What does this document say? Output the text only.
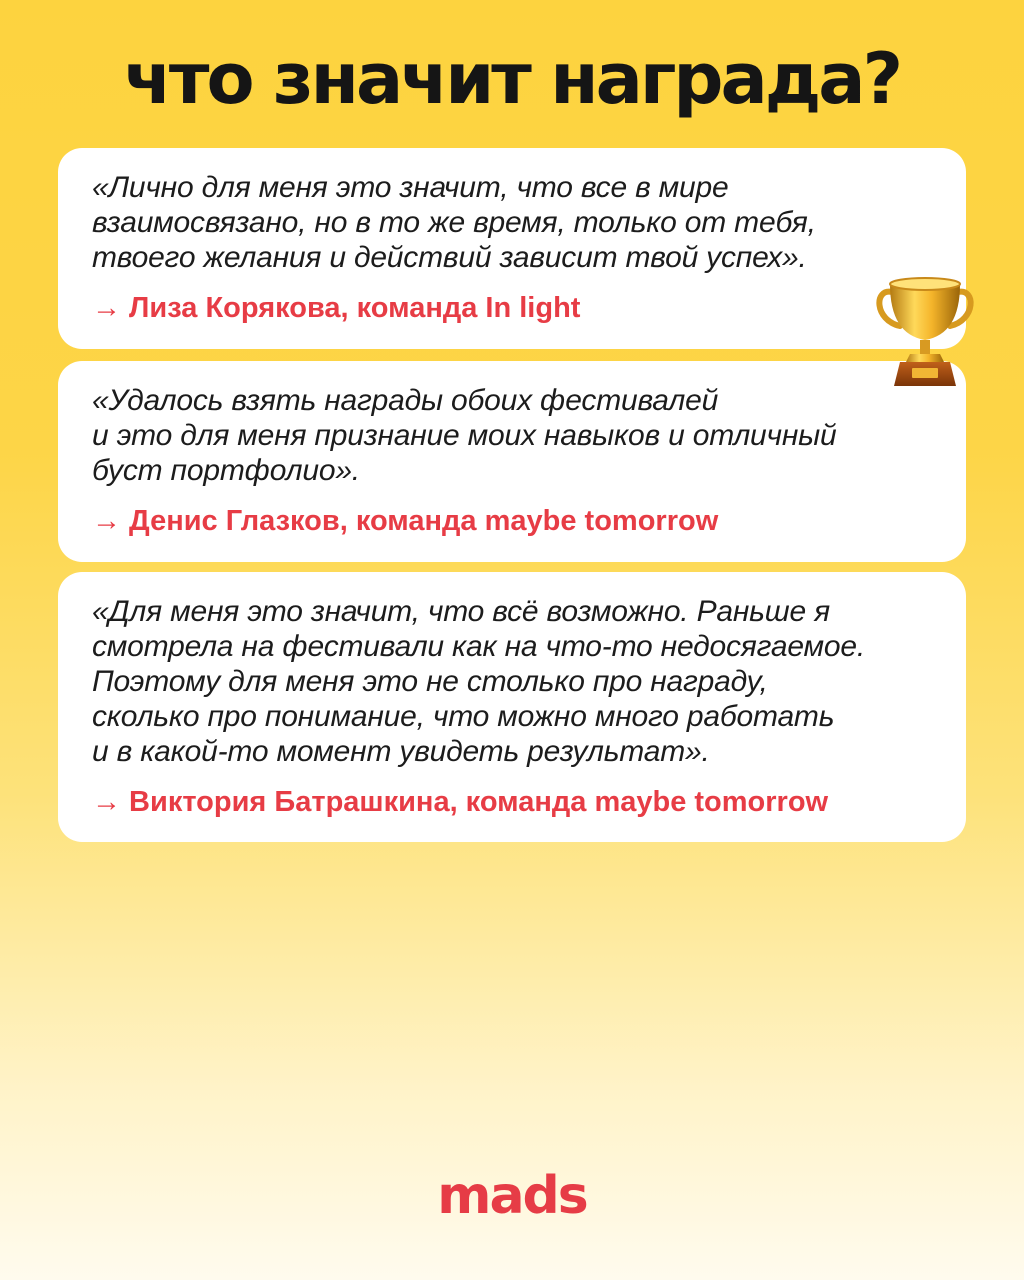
что значит награда?

«Лично для меня это значит, что все в мире
взаимосвязано, но в то же время, только от тебя,
твоего желания и действий зависит твой успех».

→ Лиза Корякова, команда In light

«Удалось взять награды обоих фестивалей
и это для меня признание моих навыков и отличный
буст портфолио».

→ Денис Глазков, команда maybe tomorrow

«Для меня это значит, что всё возможно. Раньше я
смотрела на фестивали как на что-то недосягаемое.
Поэтому для меня это не столько про награду,
сколько про понимание, что можно много работать
и в какой-то момент увидеть результат».

→ Виктория Батрашкина, команда maybe tomorrow
mads
